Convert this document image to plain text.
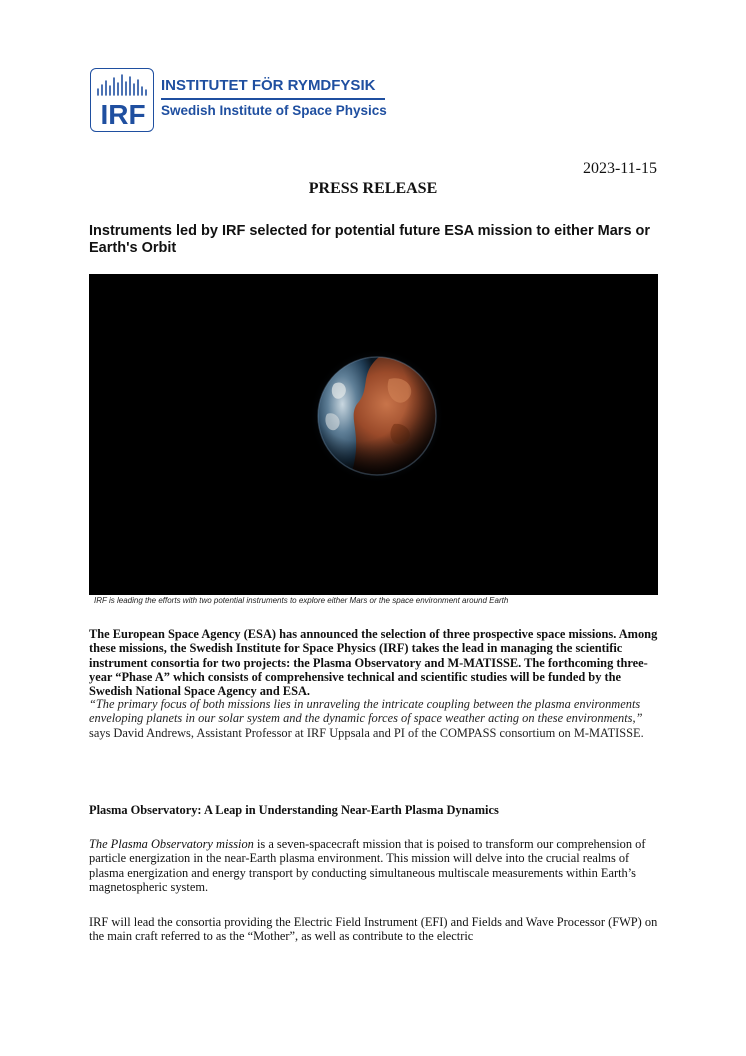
IRF
INSTITUTET FÖR RYMDFYSIK
Swedish Institute of Space Physics
2023-11-15
PRESS RELEASE
Instruments led by IRF selected for potential future ESA mission to either Mars or Earth's Orbit
IRF is leading the efforts with two potential instruments to explore either Mars or the space environment around Earth

The European Space Agency (ESA) has announced the selection of three prospective space missions. Among these missions, the Swedish Institute for Space Physics (IRF) takes the lead in managing the scientific instrument consortia for two projects: the Plasma Observatory and M-MATISSE. The forthcoming three-year “Phase A” which consists of comprehensive technical and scientific studies will be funded by the Swedish National Space Agency and ESA.

“The primary focus of both missions lies in unraveling the intricate coupling between the plasma environments enveloping planets in our solar system and the dynamic forces of space weather acting on these environments,” says David Andrews, Assistant Professor at IRF Uppsala and PI of the COMPASS consortium on M-MATISSE.

Plasma Observatory: A Leap in Understanding Near-Earth Plasma Dynamics

The Plasma Observatory mission is a seven-spacecraft mission that is poised to transform our comprehension of particle energization in the near-Earth plasma environment. This mission will delve into the crucial realms of plasma energization and energy transport by conducting simultaneous multiscale measurements within Earth’s magnetospheric system.

IRF will lead the consortia providing the Electric Field Instrument (EFI) and Fields and Wave Processor (FWP) on the main craft referred to as the “Mother”, as well as contribute to the electric
